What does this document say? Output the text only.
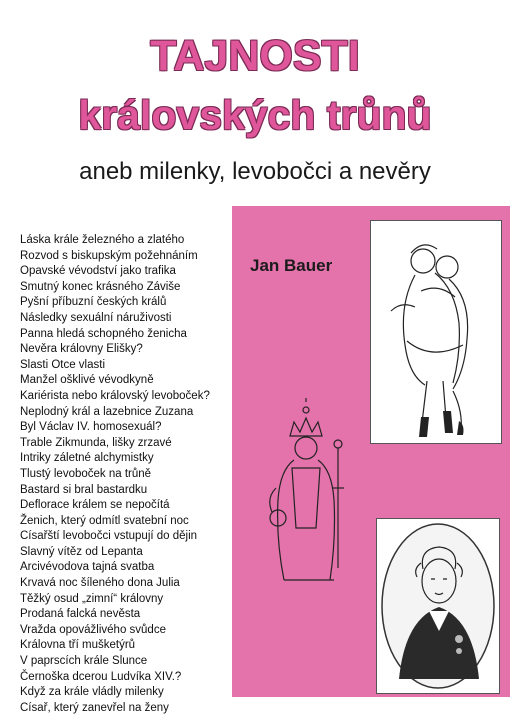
TAJNOSTI
královských trůnů

aneb milenky, levobočci a nevěry

Jan Bauer
Láska krále železného a zlatého
Rozvod s biskupským požehnáním
Opavské vévodství jako trafika
Smutný konec krásného Záviše
Pyšní příbuzní českých králů
Následky sexuální náruživosti
Panna hledá schopného ženicha
Nevěra královny Elišky?
Slasti Otce vlasti
Manžel ošklivé vévodkyně
Kariérista nebo královský levoboček?
Neplodný král a lazebnice Zuzana
Byl Václav IV. homosexuál?
Trable Zikmunda, lišky zrzavé
Intriky záletné alchymistky
Tlustý levoboček na trůně
Bastard si bral bastardku
Deflorace králem se nepočítá
Ženich, který odmítl svatební noc
Císařští levobočci vstupují do dějin
Slavný vítěz od Lepanta
Arcivévodova tajná svatba
Krvavá noc šíleného dona Julia
Těžký osud „zimní“ královny
Prodaná falcká nevěsta
Vražda opovážlivého svůdce
Královna tří mušketýrů
V paprscích krále Slunce
Černoška dcerou Ludvíka XIV.?
Když za krále vládly milenky
Císař, který zanevřel na ženy
